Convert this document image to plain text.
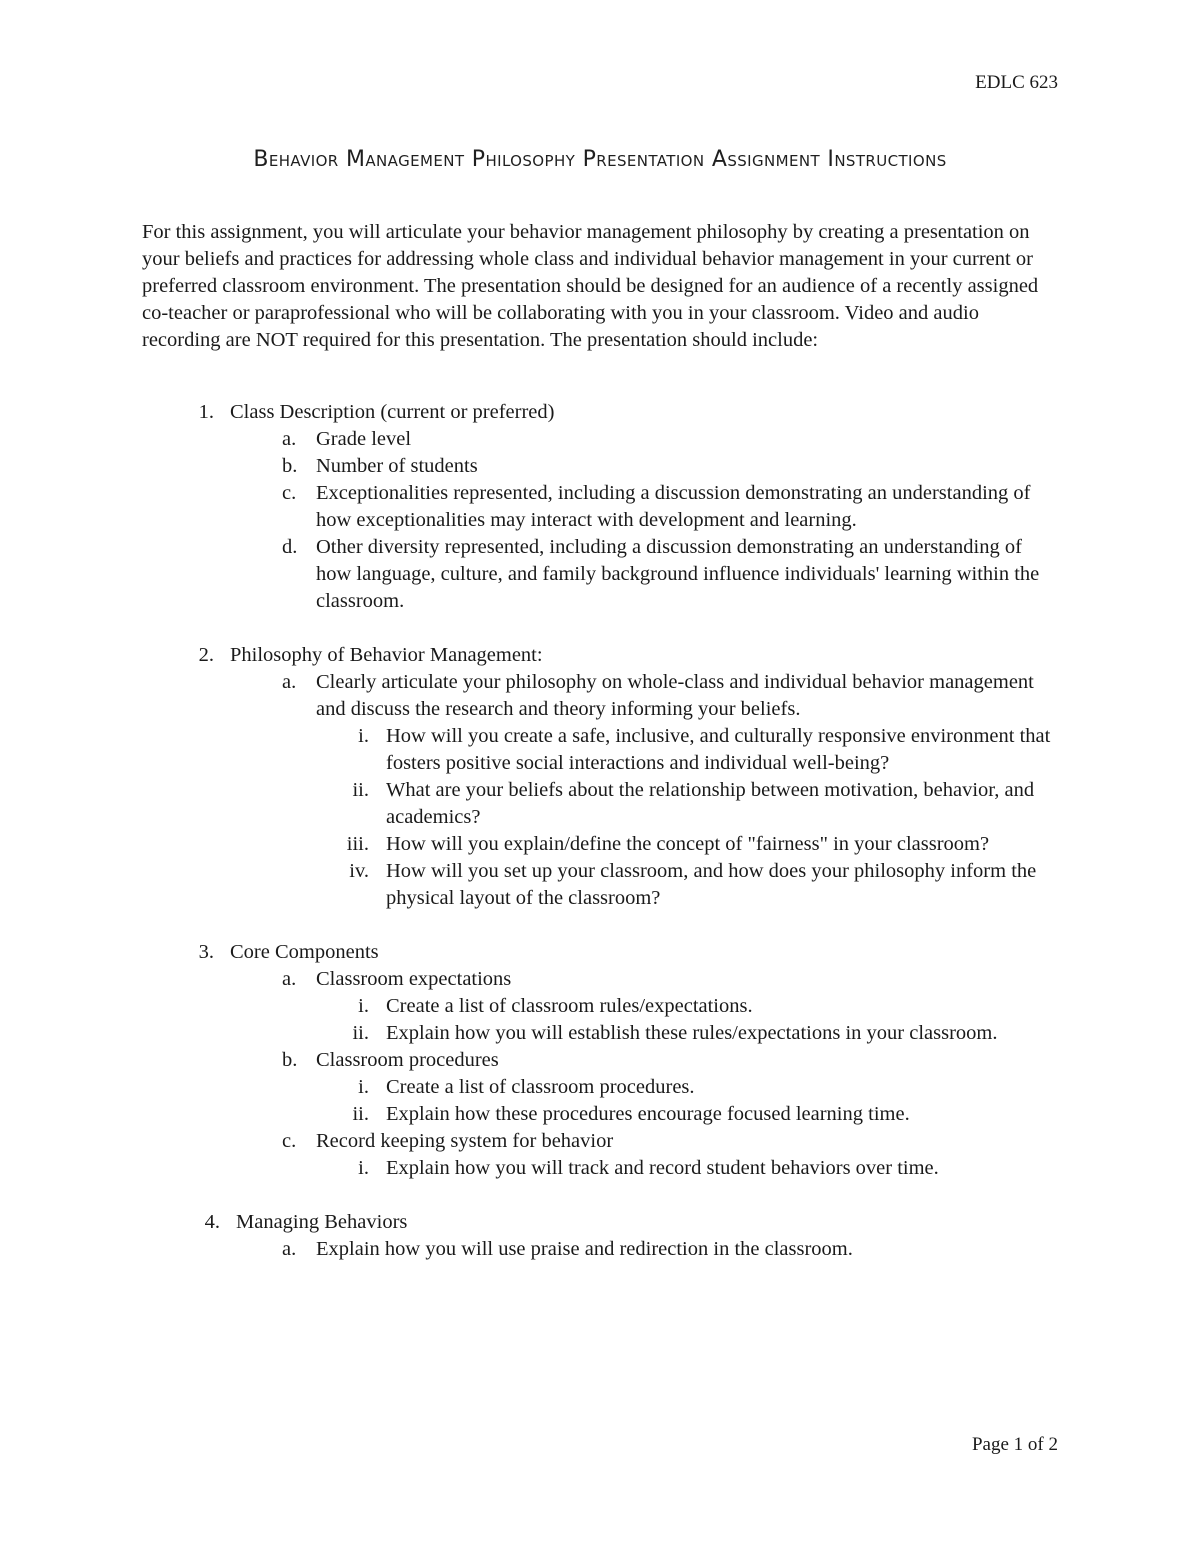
EDLC 623
Behavior Management Philosophy Presentation Assignment Instructions
For this assignment, you will articulate your behavior management philosophy by creating a presentation on your beliefs and practices for addressing whole class and individual behavior management in your current or preferred classroom environment. The presentation should be designed for an audience of a recently assigned co-teacher or paraprofessional who will be collaborating with you in your classroom. Video and audio recording are NOT required for this presentation. The presentation should include:
1. Class Description (current or preferred)
a. Grade level
b. Number of students
c. Exceptionalities represented, including a discussion demonstrating an understanding of how exceptionalities may interact with development and learning.
d. Other diversity represented, including a discussion demonstrating an understanding of how language, culture, and family background influence individuals' learning within the classroom.
2. Philosophy of Behavior Management:
a. Clearly articulate your philosophy on whole-class and individual behavior management and discuss the research and theory informing your beliefs.
i. How will you create a safe, inclusive, and culturally responsive environment that fosters positive social interactions and individual well-being?
ii. What are your beliefs about the relationship between motivation, behavior, and academics?
iii. How will you explain/define the concept of "fairness" in your classroom?
iv. How will you set up your classroom, and how does your philosophy inform the physical layout of the classroom?
3. Core Components
a. Classroom expectations
i. Create a list of classroom rules/expectations.
ii. Explain how you will establish these rules/expectations in your classroom.
b. Classroom procedures
i. Create a list of classroom procedures.
ii. Explain how these procedures encourage focused learning time.
c. Record keeping system for behavior
i. Explain how you will track and record student behaviors over time.
4. Managing Behaviors
a. Explain how you will use praise and redirection in the classroom.
Page 1 of 2
